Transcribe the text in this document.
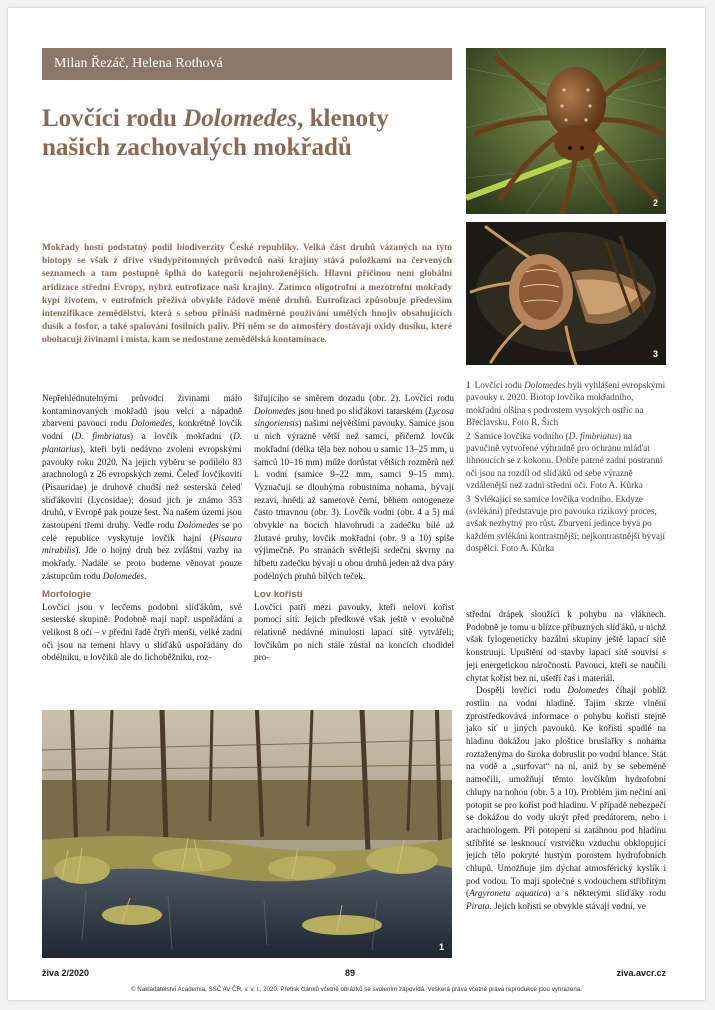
Milan Řezáč, Helena Rothová
Lovčíci rodu Dolomedes, klenoty našich zachovalých mokřadů
2
3

Mokřady hostí podstatný podíl biodiverzity České republiky. Velká část druhů vázaných na tyto biotopy se však z dříve všudypřítomných průvodců naší krajiny stává položkami na červených seznamech a tam postupně šplhá do kategorií nejohroženějších. Hlavní příčinou není globální aridizace střední Evropy, nýbrž eutrofizace naší krajiny. Zatímco oligotrofní a mezotrofní mokřady kypí životem, v eutrofních přežívá obvykle řádově méně druhů. Eutrofizaci způsobuje především intenzifikace zemědělství, která s sebou přináší nadměrné používání umělých hnojiv obsahujících dusík a fosfor, a také spalování fosilních paliv. Při něm se do atmosféry dostávají oxidy dusíku, které obohacují živinami i místa, kam se nedostane zemědělská kontaminace.

Nepřehlédnutelnými průvodci živinami málo kontaminovaných mokřadů jsou velcí a nápadně zbarvení pavouci rodu Dolomedes, konkrétně lovčík vodní (D. fimbriatus) a lovčík mokřadní (D. plantarius), kteří byli nedávno zvoleni evropskými pavouky roku 2020. Na jejich výběru se podílelo 83 arachnologů z 26 evropských zemí. Čeleď lovčíkovití (Pisauridae) je druhově chudší než sesterská čeleď slíďákovití (Lycosidae); dosud jich je známo 353 druhů, v Evropě pak pouze šest. Na našem území jsou zastoupeni třemi druhy. Vedle rodu Dolomedes se po celé republice vyskytuje lovčík hajní (Pisaura mirabilis). Jde o hojný druh bez zvláštní vazby na mokřady. Nadále se proto budeme věnovat pouze zástupcům rodu Dolomedes.

Morfologie

Lovčíci jsou v lecčems podobní slíďákům, své sesterské skupině. Podobně mají např. uspořádání a velikost 8 očí – v přední řadě čtyři menší, velké zadní oči jsou na temeni hlavy u slíďáků uspořádány do obdélníku, u lovčíků ale do lichoběžníku, roz-

šiřujícího se směrem dozadu (obr. 2). Lovčíci rodu Dolomedes jsou hned po slíďákovi tatarském (Lycosa singoriensis) našimi největšími pavouky. Samice jsou u nich výrazně větší než samci, přičemž lovčík mokřadní (délka těla bez nohou u samic 13–25 mm, u samců 10–16 mm) může dorůstat větších rozměrů než l. vodní (samice 9–22 mm, samci 9–15 mm). Vyznačují se dlouhýma robustníma nohama, bývají rezaví, hnědí až sametově černí, během ontogeneze často tmavnou (obr. 3). Lovčík vodní (obr. 4 a 5) má obvykle na bocích hlavohrudi a zadečku bílé až žlutavé pruhy, lovčík mokřadní (obr. 9 a 10) spíše výjimečně. Po stranách světlejší srdeční skvrny na hřbetu zadečku bývají u obou druhů jeden až dva páry podélných pruhů bílých teček.

Lov kořisti

Lovčíci patří mezi pavouky, kteří neloví kořist pomocí sítí. Jejich předkové však ještě v evolučně relativně nedávné minulosti lapací sítě vytvářeli; lovčíkům po nich stále zůstal na koncích chodidel pro-

1

1 Lovčíci rodu Dolomedes byli vyhlášeni evropskými pavouky r. 2020. Biotop lovčíka mokřadního, mokřadní olšina s podrostem vysokých ostřic na Břeclavsku. Foto R. Šich

2 Samice lovčíka vodního (D. fimbriatus) na pavučině vytvořené výhradně pro ochranu mláďat líhnoucích se z kokonu. Dobře patrné zadní postranní oči jsou na rozdíl od slíďáků od sebe výrazně vzdálenější než zadní střední oči. Foto A. Kůrka

3 Svlékající se samice lovčíka vodního. Ekdyze (svlékání) představuje pro pavouka rizikový proces, avšak nezbytný pro růst. Zbarvení jedince bývá po každém svlékání kontrastnější; nejkontrastnější bývají dospělci. Foto A. Kůrka

střední drápek sloužící k pohybu na vláknech. Podobně je tomu u blízce příbuzných slíďáků, u nichž však fylogeneticky bazální skupiny ještě lapací sítě konstruují. Upuštění od stavby lapací sítě souvisí s její energetickou náročností. Pavouci, kteří se naučili chytat kořist bez ní, ušetří čas i materiál.

Dospělí lovčíci rodu Dolomedes číhají poblíž rostlin na vodní hladině. Tajím skrze vlnění zprostředkovává informace o pohybu kořisti stejně jako síť u jiných pavouků. Ke kořisti spadlé na hladinu dokážou jako ploštice bruslařky s nohama roztaženýma do široka dobruslit po vodní blance. Stát na vodě a „surfovat“ na ní, aniž by se sebeméně namočili, umožňují těmto lovčíkům hydrofobní chlupy na nohou (obr. 5 a 10). Problém jim nečiní ani potopit se pro kořist pod hladinu. V případě nebezpečí se dokážou do vody ukrýt před predátorem, nebo i arachnologem. Při potopení si zatáhnou pod hladinu stříbřité se lesknoucí vrstvičku vzduchu obklopující jejich tělo pokryté hustým porostem hydrofobních chlupů. Umožňuje jim dýchat atmosférický kyslík i pod vodou. To mají společné s vodouchem stříbřitým (Argyroneta aquatica) a s některými slíďáky rodu Pirata. Jejich kořistí se obvykle stávají vodní, ve

živa 2/2020	89	ziva.avcr.cz
© Nakladatelství Academia, SSČ AV ČR, v. v. i., 2020. Přetisk článků včetně obrázků se svolením zapovídá. Veškerá práva včetně práva reprodukce jsou vyhrazena.
